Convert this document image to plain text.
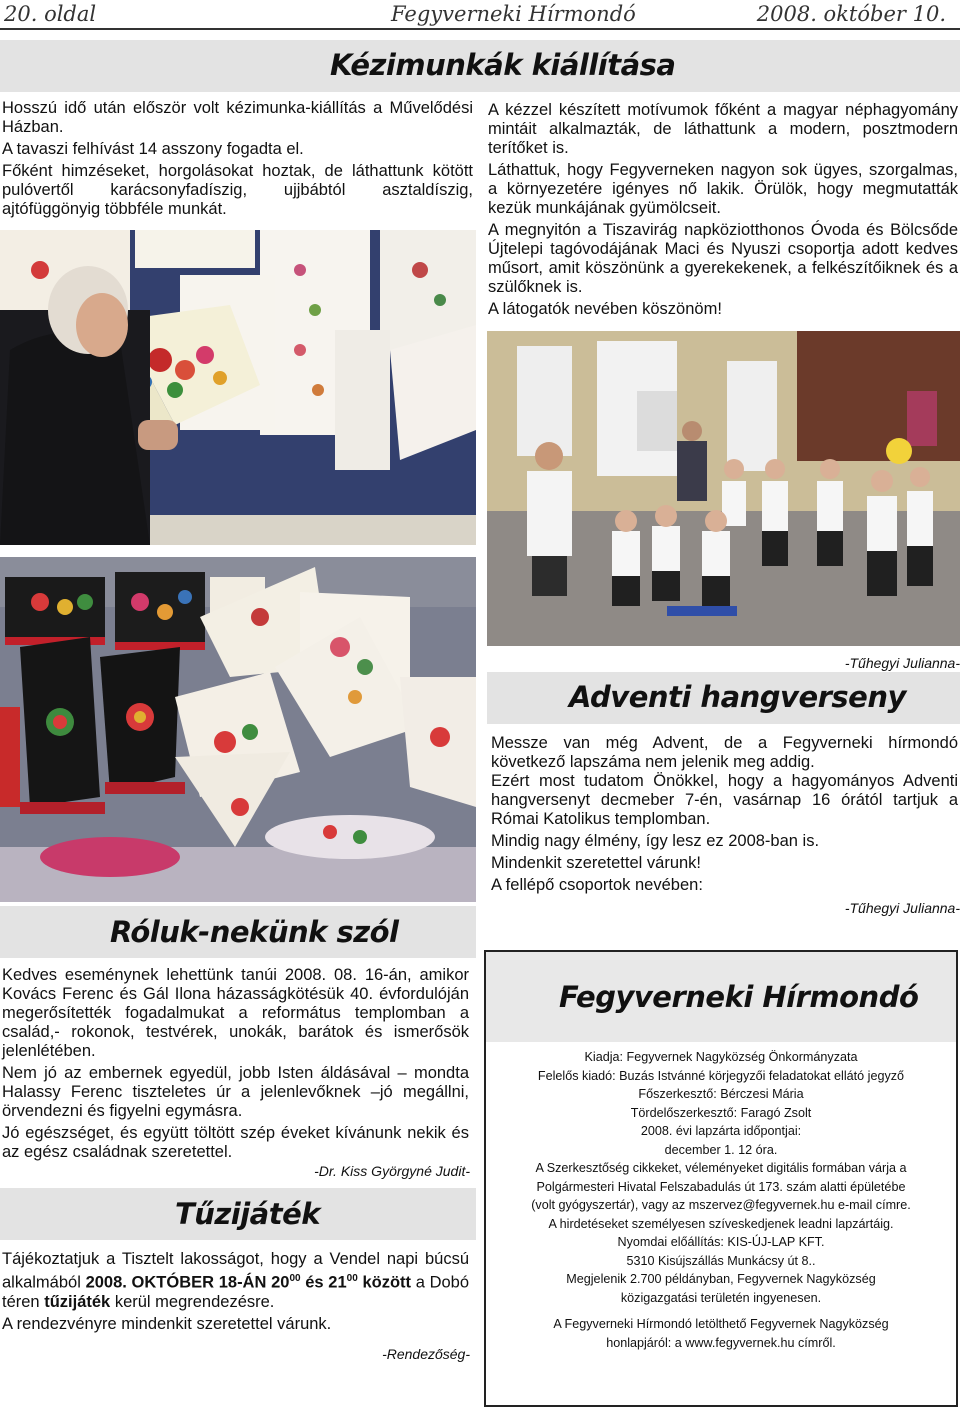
20. oldal	Fegyverneki Hírmondó	2008. október 10.
Kézimunkák kiállítása

Hosszú idő után először volt kézimunka-kiállítás a Művelődési Házban.

A tavaszi felhívást 14 asszony fogadta el.

Főként himzéseket, horgolásokat hoztak, de láthattunk kötött pulóvertől karácsonyfadíszig, ujjbábtól asztaldíszig, ajtófüggönyig többféle munkát.

A kézzel készített motívumok főként a magyar néphagyomány mintáit alkalmazták, de láthattunk a modern, posztmodern terítőket is.

Láthattuk, hogy Fegyverneken nagyon sok ügyes, szorgalmas, a környezetére igényes nő lakik. Örülök, hogy megmutatták kezük munkájának gyümölcseit.

A megnyitón a Tiszavirág napköziotthonos Óvoda és Bölcsőde Újtelepi tagóvodájának Maci és Nyuszi csoportja adott kedves műsort, amit köszönünk a gyerekekenek, a felkészítőiknek és a szülőknek is.

A látogatók nevében köszönöm!

-Tűhegyi Julianna-
Adventi hangverseny

Messze van még Advent, de a Fegyverneki hírmondó következő lapszáma nem jelenik meg addig.

Ezért most tudatom Önökkel, hogy a hagyományos Adventi hangversenyt decmeber 7-én, vasárnap 16 órától tartjuk a Római Katolikus templomban.

Mindig nagy élmény, így lesz ez 2008-ban is.

Mindenkit szeretettel várunk!

A fellépő csoportok nevében:

-Tűhegyi Julianna-
Róluk-nekünk szól

Kedves eseménynek lehettünk tanúi 2008. 08. 16-án, amikor Kovács Ferenc és Gál Ilona házasságkötésük 40. évfordulóján megerősítették fogadalmukat a református templomban a család,- rokonok, testvérek, unokák, barátok és ismerősök jelenlétében.

Nem jó az embernek egyedül, jobb Isten áldásával – mondta Halassy Ferenc tiszteletes úr a jelenlevőknek –jó megállni, örvendezni és figyelni egymásra.

Jó egészséget, és együtt töltött szép éveket kívánunk nekik és az egész családnak szeretettel.

-Dr. Kiss Györgyné Judit-
Tűzijáték

Tájékoztatjuk a Tisztelt lakosságot, hogy a Vendel napi búcsú alkalmából 2008. OKTÓBER 18-ÁN $20^{00}$ és $21^{00}$ között a Dobó téren tűzijáték kerül megrendezésre.

A rendezvényre mindenkit szeretettel várunk.

-Rendezőség-
Fegyverneki Hírmondó
Kiadja: Fegyvernek Nagyközség Önkormányzata
Felelős kiadó: Buzás Istvánné körjegyzői feladatokat ellátó jegyző
Főszerkesztő: Bérczesi Mária
Tördelőszerkesztő: Faragó Zsolt
2008. évi lapzárta időpontjai:
december 1. 12 óra.
A Szerkesztőség cikkeket, véleményeket digitális formában várja a
Polgármesteri Hivatal Felszabadulás út 173. szám alatti épületébe
(volt gyógyszertár), vagy az mszervez@fegyvernek.hu e-mail címre.
A hirdetéseket személyesen szíveskedjenek leadni lapzártáig.
Nyomdai előállítás: KIS-ÚJ-LAP KFT.
5310 Kisújszállás Munkácsy út 8..
Megjelenik 2.700 példányban, Fegyvernek Nagyközség
közigazgatási területén ingyenesen.
A Fegyverneki Hírmondó letölthető Fegyvernek Nagyközség
honlapjáról: a www.fegyvernek.hu címről.
